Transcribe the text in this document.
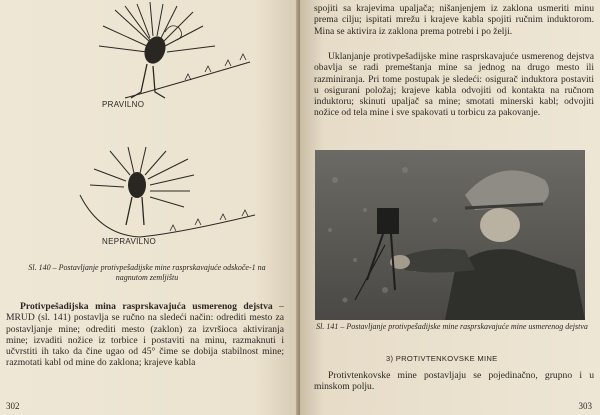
PRAVILNO
NEPRAVILNO
Sl. 140 – Postavljanje protivpešadijske mine rasprskavajuće odskoče-1 na nagnutom zemljištu
Protivpešadijska mina rasprskavajuća usmerenog dejstva – MRUD (sl. 141) postavlja se ručno na sledeći način: odrediti mesto za postavljanje mine; odrediti mesto (zaklon) za izvršioca aktiviranja mine; izvaditi nožice iz torbice i postaviti na minu, razmaknuti i učvrstiti ih tako da čine ugao od 45° čime se dobija stabilnost mine; razmotati kabl od mine do zaklona; krajeve kabla
302
spojiti sa krajevima upaljača; nišanjenjem iz zaklona usmeriti minu prema cilju; ispitati mrežu i krajeve kabla spojiti ručnim induktorom. Mina se aktivira iz zaklona prema potrebi i po želji.
Uklanjanje protivpešadijske mine rasprskavajuće usmerenog dejstva obavlja se radi premeštanja mine sa jednog na drugo mesto ili razminiranja. Pri tome postupak je sledeći: osigurač induktora postaviti u osigurani položaj; krajeve kabla odvojiti od kontakta na ručnom induktoru; skinuti upaljač sa mine; smotati minerski kabl; odvojiti nožice od tela mine i sve spakovati u torbicu za pakovanje.
Sl. 141 – Postavljanje protivpešadijske mine rasprskavajuće mine usmerenog dejstva
3) PROTIVTENKOVSKE MINE
Protivtenkovske mine postavljaju se pojedinačno, grupno i u minskom polju.
303
